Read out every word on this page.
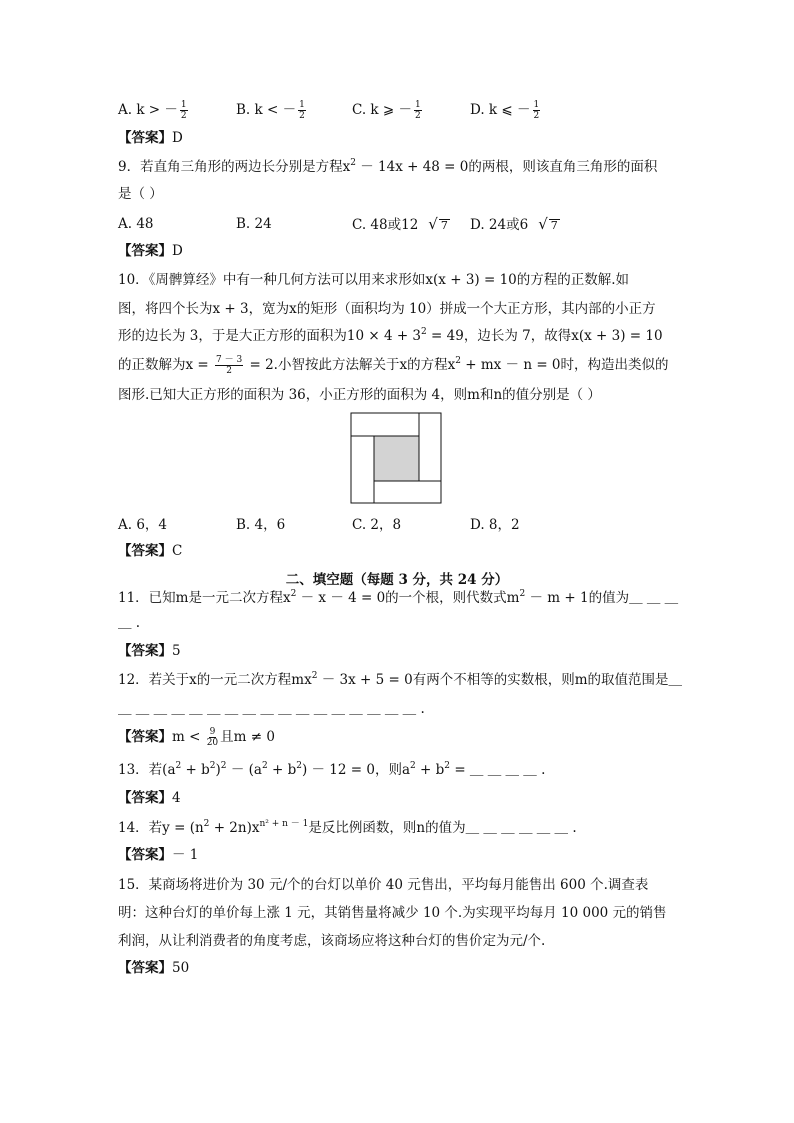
A. k > － $\frac{1}{2}$	B. k < － $\frac{1}{2}$	C. k ⩾ － $\frac{1}{2}$	D. k ⩽ － $\frac{1}{2}$
【答案】D
9．若直角三角形的两边长分别是方程$x^2 - 14x + 48 = 0$的两根，则该直角三角形的面积
是（ ）
A. 48	B. 24	C. 48或12 √ 7 D. 24或6 √ 7
【答案】D
10．《周髀算经》中有一种几何方法可以用来求形如x(x + 3) = 10的方程的正数解.如
图，将四个长为x + 3，宽为x的矩形（面积均为 10）拼成一个大正方形，其内部的小正方
形的边长为 3，于是大正方形的面积为$10 \times 4 + 3^2 = 49$，边长为 7，故得x(x + 3) = 10
的正数解为$x = \frac{7 - 3}{2} = 2$.小智按此方法解关于x的方程$x^2$ + mx － n = 0时，构造出类似的
图形.已知大正方形的面积为 36，小正方形的面积为 4，则m和n的值分别是（ ）
A. 6，4	B. 4，6	C. 2，8	D. 8，2
【答案】C
二、填空题（每题 3 分，共 24 分）
11．已知m是一元二次方程$x^2 - x - 4 = 0$的一个根，则代数式$m^2 - m + 1$的值为＿ ＿ ＿
＿ .
【答案】5
12．若关于x的一元二次方程$mx^2 - 3x + 5 = 0$有两个不相等的实数根，则m的取值范围是＿
＿ ＿ ＿ ＿ ＿ ＿ ＿ ＿ ＿ ＿ ＿ ＿ ＿ ＿ ＿ ＿ ＿ .
【答案】$m < \frac{9}{20}$ 且m ≠ 0
13．若$(a^2 + b^2)^2 - (a^2 + b^2) - 12 = 0$，则$a^2 + b^2$ = ＿ ＿ ＿ ＿ .
【答案】4
14．若$y = (n^2 + 2n)x^{n^2 + n - 1}$是反比例函数，则n的值为＿ ＿ ＿ ＿ ＿ ＿ .
【答案】－ 1
15．某商场将进价为 30 元/个的台灯以单价 40 元售出，平均每月能售出 600 个.调查表
明：这种台灯的单价每上涨 1 元，其销售量将减少 10 个.为实现平均每月 10 000 元的销售
利润，从让利消费者的角度考虑，该商场应将这种台灯的售价定为元/个.
【答案】50
